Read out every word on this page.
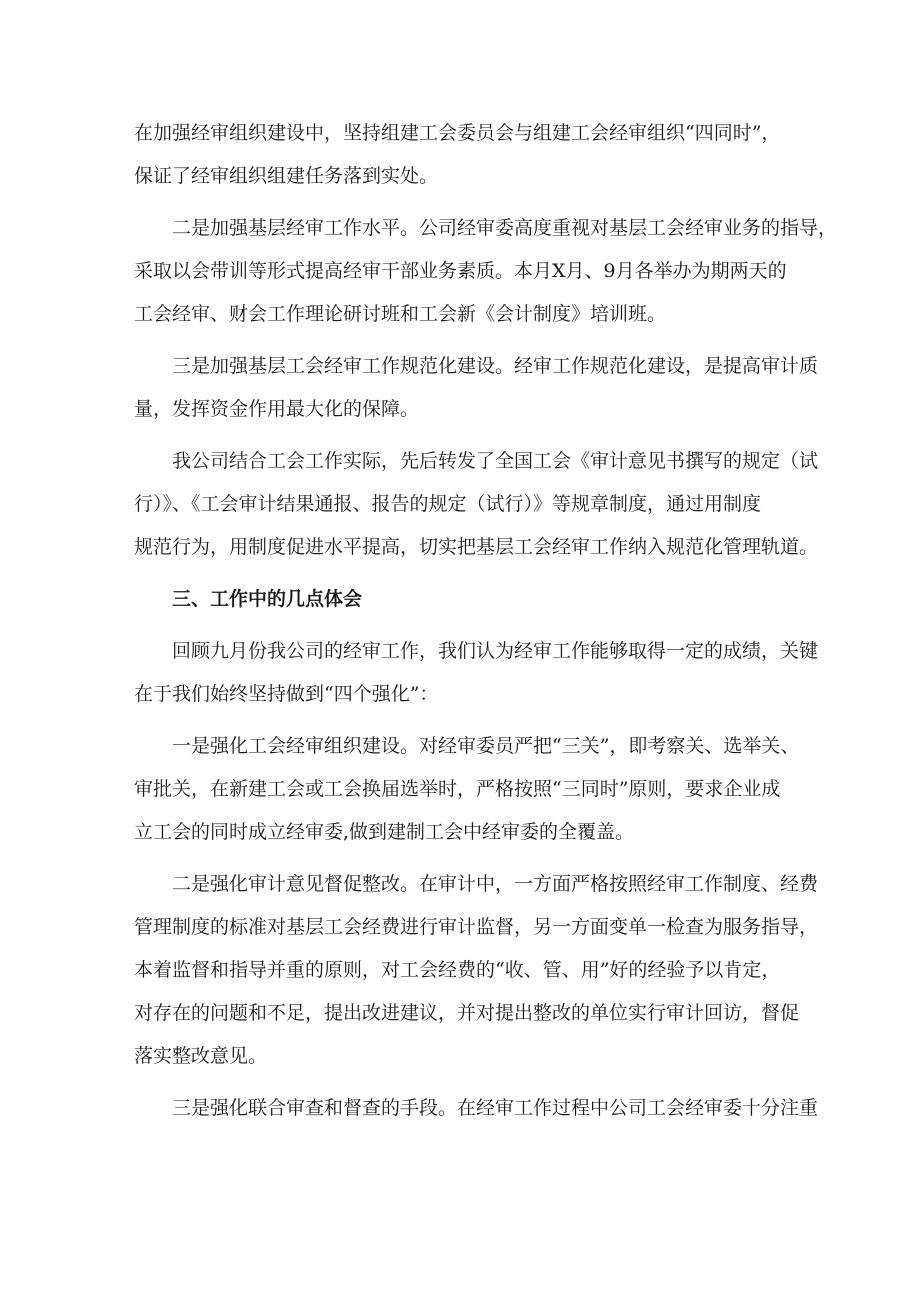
在加强经审组织建设中，坚持组建工会委员会与组建工会经审组织“四同时”，
保证了经审组织组建任务落到实处。

二是加强基层经审工作水平。公司经审委高度重视对基层工会经审业务的指导，
采取以会带训等形式提高经审干部业务素质。本月X月、9月各举办为期两天的
工会经审、财会工作理论研讨班和工会新《会计制度》培训班。

三是加强基层工会经审工作规范化建设。经审工作规范化建设，是提高审计质
量，发挥资金作用最大化的保障。

我公司结合工会工作实际，先后转发了全国工会《审计意见书撰写的规定（试
行）》、《工会审计结果通报、报告的规定（试行）》等规章制度，通过用制度
规范行为，用制度促进水平提高，切实把基层工会经审工作纳入规范化管理轨道。

三、工作中的几点体会

回顾九月份我公司的经审工作，我们认为经审工作能够取得一定的成绩，关键
在于我们始终坚持做到“四个强化”：

一是强化工会经审组织建设。对经审委员严把“三关”，即考察关、选举关、
审批关，在新建工会或工会换届选举时，严格按照“三同时”原则，要求企业成
立工会的同时成立经审委,做到建制工会中经审委的全覆盖。

二是强化审计意见督促整改。在审计中，一方面严格按照经审工作制度、经费
管理制度的标准对基层工会经费进行审计监督，另一方面变单一检查为服务指导，
本着监督和指导并重的原则，对工会经费的“收、管、用”好的经验予以肯定，
对存在的问题和不足，提出改进建议，并对提出整改的单位实行审计回访，督促
落实整改意见。

三是强化联合审查和督查的手段。在经审工作过程中公司工会经审委十分注重
